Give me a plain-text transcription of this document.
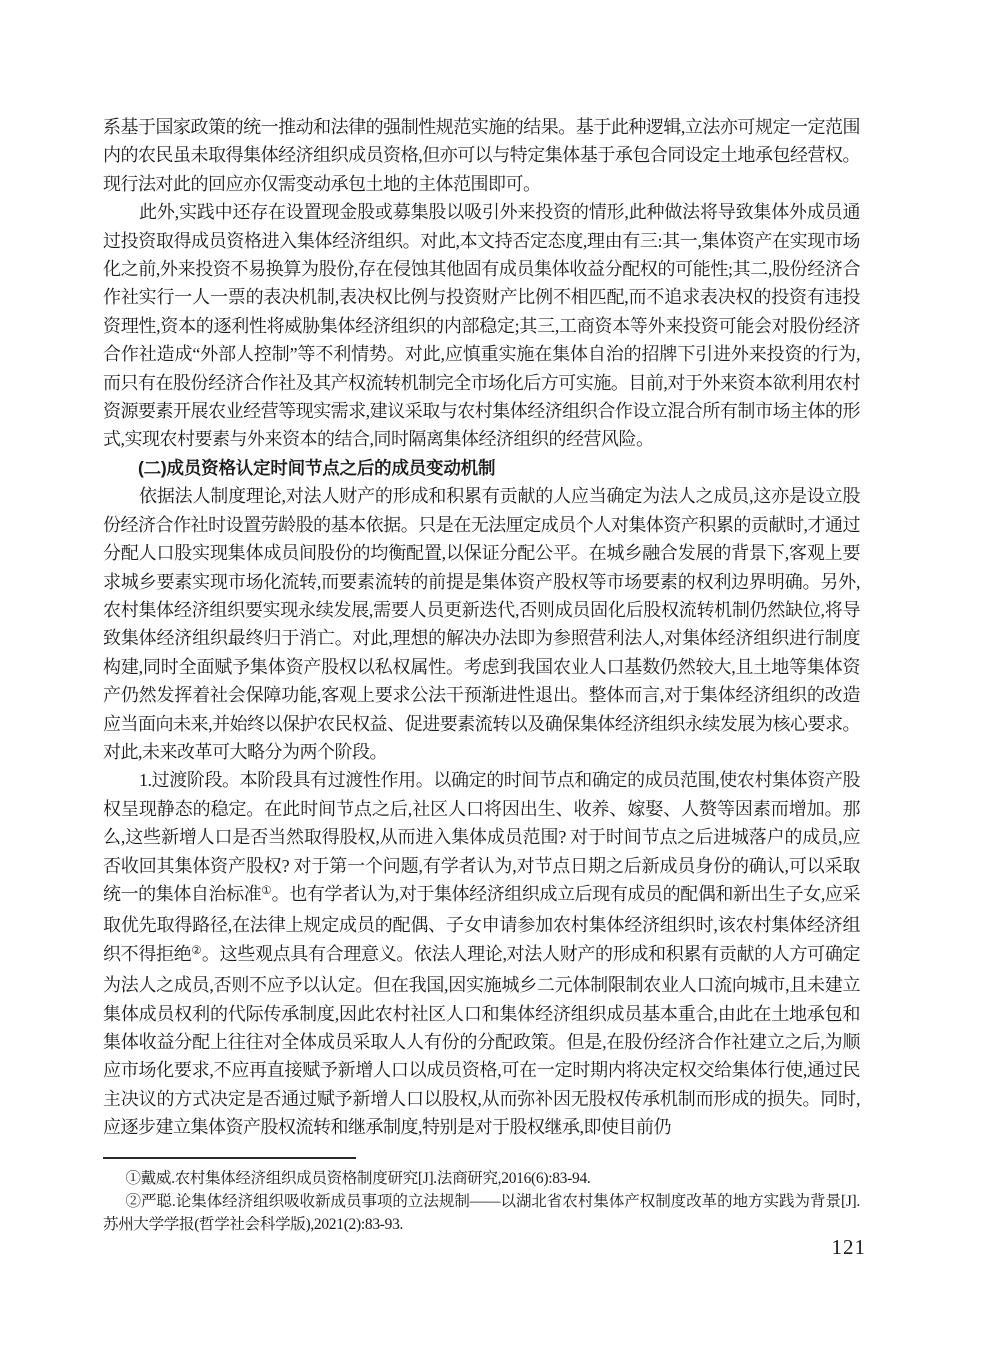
系基于国家政策的统一推动和法律的强制性规范实施的结果。基于此种逻辑,立法亦可规定一定范围内的农民虽未取得集体经济组织成员资格,但亦可以与特定集体基于承包合同设定土地承包经营权。现行法对此的回应亦仅需变动承包土地的主体范围即可。

此外,实践中还存在设置现金股或募集股以吸引外来投资的情形,此种做法将导致集体外成员通过投资取得成员资格进入集体经济组织。对此,本文持否定态度,理由有三:其一,集体资产在实现市场化之前,外来投资不易换算为股份,存在侵蚀其他固有成员集体收益分配权的可能性;其二,股份经济合作社实行一人一票的表决机制,表决权比例与投资财产比例不相匹配,而不追求表决权的投资有违投资理性,资本的逐利性将威胁集体经济组织的内部稳定;其三,工商资本等外来投资可能会对股份经济合作社造成“外部人控制”等不利情势。对此,应慎重实施在集体自治的招牌下引进外来投资的行为,而只有在股份经济合作社及其产权流转机制完全市场化后方可实施。目前,对于外来资本欲利用农村资源要素开展农业经营等现实需求,建议采取与农村集体经济组织合作设立混合所有制市场主体的形式,实现农村要素与外来资本的结合,同时隔离集体经济组织的经营风险。

(二)成员资格认定时间节点之后的成员变动机制

依据法人制度理论,对法人财产的形成和积累有贡献的人应当确定为法人之成员,这亦是设立股份经济合作社时设置劳龄股的基本依据。只是在无法厘定成员个人对集体资产积累的贡献时,才通过分配人口股实现集体成员间股份的均衡配置,以保证分配公平。在城乡融合发展的背景下,客观上要求城乡要素实现市场化流转,而要素流转的前提是集体资产股权等市场要素的权利边界明确。另外,农村集体经济组织要实现永续发展,需要人员更新迭代,否则成员固化后股权流转机制仍然缺位,将导致集体经济组织最终归于消亡。对此,理想的解决办法即为参照营利法人,对集体经济组织进行制度构建,同时全面赋予集体资产股权以私权属性。考虑到我国农业人口基数仍然较大,且土地等集体资产仍然发挥着社会保障功能,客观上要求公法干预渐进性退出。整体而言,对于集体经济组织的改造应当面向未来,并始终以保护农民权益、促进要素流转以及确保集体经济组织永续发展为核心要求。对此,未来改革可大略分为两个阶段。

1.过渡阶段。本阶段具有过渡性作用。以确定的时间节点和确定的成员范围,使农村集体资产股权呈现静态的稳定。在此时间节点之后,社区人口将因出生、收养、嫁娶、人赘等因素而增加。那么,这些新增人口是否当然取得股权,从而进入集体成员范围? 对于时间节点之后进城落户的成员,应否收回其集体资产股权? 对于第一个问题,有学者认为,对节点日期之后新成员身份的确认,可以采取统一的集体自治标准①。也有学者认为,对于集体经济组织成立后现有成员的配偶和新出生子女,应采取优先取得路径,在法律上规定成员的配偶、子女申请参加农村集体经济组织时,该农村集体经济组织不得拒绝②。这些观点具有合理意义。依法人理论,对法人财产的形成和积累有贡献的人方可确定为法人之成员,否则不应予以认定。但在我国,因实施城乡二元体制限制农业人口流向城市,且未建立集体成员权利的代际传承制度,因此农村社区人口和集体经济组织成员基本重合,由此在土地承包和集体收益分配上往往对全体成员采取人人有份的分配政策。但是,在股份经济合作社建立之后,为顺应市场化要求,不应再直接赋予新增人口以成员资格,可在一定时期内将决定权交给集体行使,通过民主决议的方式决定是否通过赋予新增人口以股权,从而弥补因无股权传承机制而形成的损失。同时,应逐步建立集体资产股权流转和继承制度,特别是对于股权继承,即使目前仍

①戴威.农村集体经济组织成员资格制度研究[J].法商研究,2016(6):83-94.

②严聪.论集体经济组织吸收新成员事项的立法规制——以湖北省农村集体产权制度改革的地方实践为背景[J].苏州大学学报(哲学社会科学版),2021(2):83-93.

121
